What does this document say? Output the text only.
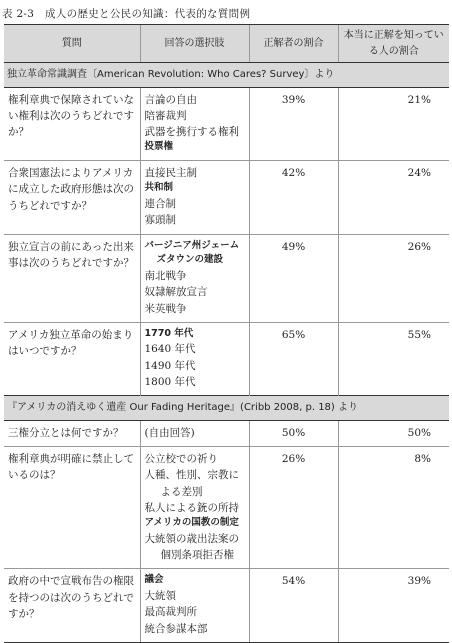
表 2-3　成人の歴史と公民の知識：代表的な質問例
質問	回答の選択肢	正解者の割合	本当に正解を知っている人の割合
独立革命常識調査〔American Revolution: Who Cares? Survey〕より			
権利章典で保障されていない権利は次のうちどれですか？	言論の自由
陪審裁判
武器を携行する権利
投票権	39%	21%
合衆国憲法によりアメリカに成立した政府形態は次のうちどれですか？	直接民主制
共和制
連合制
寡頭制	42%	24%
独立宣言の前にあった出来事は次のうちどれですか？	バージニア州ジェームズタウンの建設
南北戦争
奴隷解放宣言
米英戦争	49%	26%
アメリカ独立革命の始まりはいつですか？	1770 年代
1640 年代
1490 年代
1800 年代	65%	55%
『アメリカの消えゆく遺産 Our Fading Heritage』(Cribb 2008, p. 18) より			
三権分立とは何ですか？	(自由回答)	50%	50%
権利章典が明確に禁止しているのは？	公立校での祈り
人種、性別、宗教による差別
私人による銃の所持
アメリカの国教の制定
大統領の歳出法案の個別条項拒否権	26%	8%
政府の中で宣戦布告の権限を持つのは次のうちどれですか？	議会
大統領
最高裁判所
統合参謀本部	54%	39%
